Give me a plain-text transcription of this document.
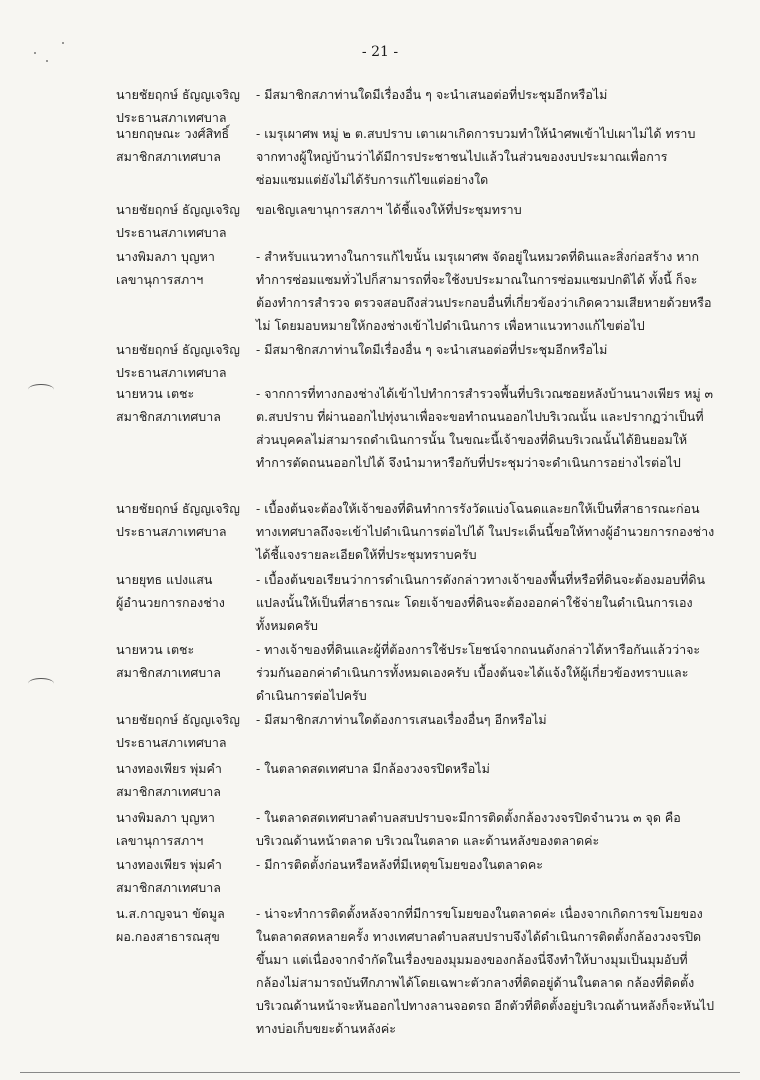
- 21 -
นายชัยฤกษ์ ธัญญเจริญ
ประธานสภาเทศบาล

- มีสมาชิกสภาท่านใดมีเรื่องอื่น ๆ จะนำเสนอต่อที่ประชุมอีกหรือไม่

นายกฤษณะ วงศ์สิทธิ์
สมาชิกสภาเทศบาล

- เมรุเผาศพ หมู่ ๒ ต.สบปราบ เตาเผาเกิดการบวมทำให้นำศพเข้าไปเผาไม่ได้ ทราบจากทางผู้ใหญ่บ้านว่าได้มีการประชาชนไปแล้วในส่วนของงบประมาณเพื่อการซ่อมแซมแต่ยังไม่ได้รับการแก้ไขแต่อย่างใด

นายชัยฤกษ์ ธัญญเจริญ
ประธานสภาเทศบาล

ขอเชิญเลขานุการสภาฯ ได้ชี้แจงให้ที่ประชุมทราบ

นางพิมลภา บุญหา
เลขานุการสภาฯ

- สำหรับแนวทางในการแก้ไขนั้น เมรุเผาศพ จัดอยู่ในหมวดที่ดินและสิ่งก่อสร้าง หากทำการซ่อมแซมทั่วไปก็สามารถที่จะใช้งบประมาณในการซ่อมแซมปกติได้ ทั้งนี้ ก็จะต้องทำการสำรวจ ตรวจสอบถึงส่วนประกอบอื่นที่เกี่ยวข้องว่าเกิดความเสียหายด้วยหรือไม่ โดยมอบหมายให้กองช่างเข้าไปดำเนินการ เพื่อหาแนวทางแก้ไขต่อไป

นายชัยฤกษ์ ธัญญเจริญ
ประธานสภาเทศบาล

- มีสมาชิกสภาท่านใดมีเรื่องอื่น ๆ จะนำเสนอต่อที่ประชุมอีกหรือไม่

นายหวน เตชะ
สมาชิกสภาเทศบาล

- จากการที่ทางกองช่างได้เข้าไปทำการสำรวจพื้นที่บริเวณซอยหลังบ้านนางเพียร หมู่ ๓ ต.สบปราบ ที่ผ่านออกไปทุ่งนาเพื่อจะขอทำถนนออกไปบริเวณนั้น และปรากฏว่าเป็นที่ส่วนบุคคลไม่สามารถดำเนินการนั้น ในขณะนี้เจ้าของที่ดินบริเวณนั้นได้ยินยอมให้ทำการตัดถนนออกไปได้ จึงนำมาหารือกับที่ประชุมว่าจะดำเนินการอย่างไรต่อไป

นายชัยฤกษ์ ธัญญเจริญ
ประธานสภาเทศบาล

- เบื้องต้นจะต้องให้เจ้าของที่ดินทำการรังวัดแบ่งโฉนดและยกให้เป็นที่สาธารณะก่อน ทางเทศบาลถึงจะเข้าไปดำเนินการต่อไปได้ ในประเด็นนี้ขอให้ทางผู้อำนวยการกองช่างได้ชี้แจงรายละเอียดให้ที่ประชุมทราบครับ

นายยุทธ แปงแสน
ผู้อำนวยการกองช่าง

- เบื้องต้นขอเรียนว่าการดำเนินการดังกล่าวทางเจ้าของพื้นที่หรือที่ดินจะต้องมอบที่ดินแปลงนั้นให้เป็นที่สาธารณะ โดยเจ้าของที่ดินจะต้องออกค่าใช้จ่ายในดำเนินการเองทั้งหมดครับ

นายหวน เตชะ
สมาชิกสภาเทศบาล

- ทางเจ้าของที่ดินและผู้ที่ต้องการใช้ประโยชน์จากถนนดังกล่าวได้หารือกันแล้วว่าจะร่วมกันออกค่าดำเนินการทั้งหมดเองครับ เบื้องต้นจะได้แจ้งให้ผู้เกี่ยวข้องทราบและดำเนินการต่อไปครับ

นายชัยฤกษ์ ธัญญเจริญ
ประธานสภาเทศบาล

- มีสมาชิกสภาท่านใดต้องการเสนอเรื่องอื่นๆ อีกหรือไม่

นางทองเพียร พุ่มคำ
สมาชิกสภาเทศบาล

- ในตลาดสดเทศบาล มีกล้องวงจรปิดหรือไม่

นางพิมลภา บุญหา
เลขานุการสภาฯ

- ในตลาดสดเทศบาลตำบลสบปราบจะมีการติดตั้งกล้องวงจรปิดจำนวน ๓ จุด คือ บริเวณด้านหน้าตลาด บริเวณในตลาด และด้านหลังของตลาดค่ะ

นางทองเพียร พุ่มคำ
สมาชิกสภาเทศบาล

- มีการติดตั้งก่อนหรือหลังที่มีเหตุขโมยของในตลาดคะ

น.ส.กาญจนา ขัดมูล
ผอ.กองสาธารณสุข

- น่าจะทำการติดตั้งหลังจากที่มีการขโมยของในตลาดค่ะ เนื่องจากเกิดการขโมยของในตลาดสดหลายครั้ง ทางเทศบาลตำบลสบปราบจึงได้ดำเนินการติดตั้งกล้องวงจรปิดขึ้นมา แต่เนื่องจากจำกัดในเรื่องของมุมมองของกล้องนี่จึงทำให้บางมุมเป็นมุมอับที่กล้องไม่สามารถบันทึกภาพได้โดยเฉพาะตัวกลางที่ติดอยู่ด้านในตลาด กล้องที่ติดตั้งบริเวณด้านหน้าจะหันออกไปทางลานจอดรถ อีกตัวที่ติดตั้งอยู่บริเวณด้านหลังก็จะหันไปทางบ่อเก็บขยะด้านหลังค่ะ
